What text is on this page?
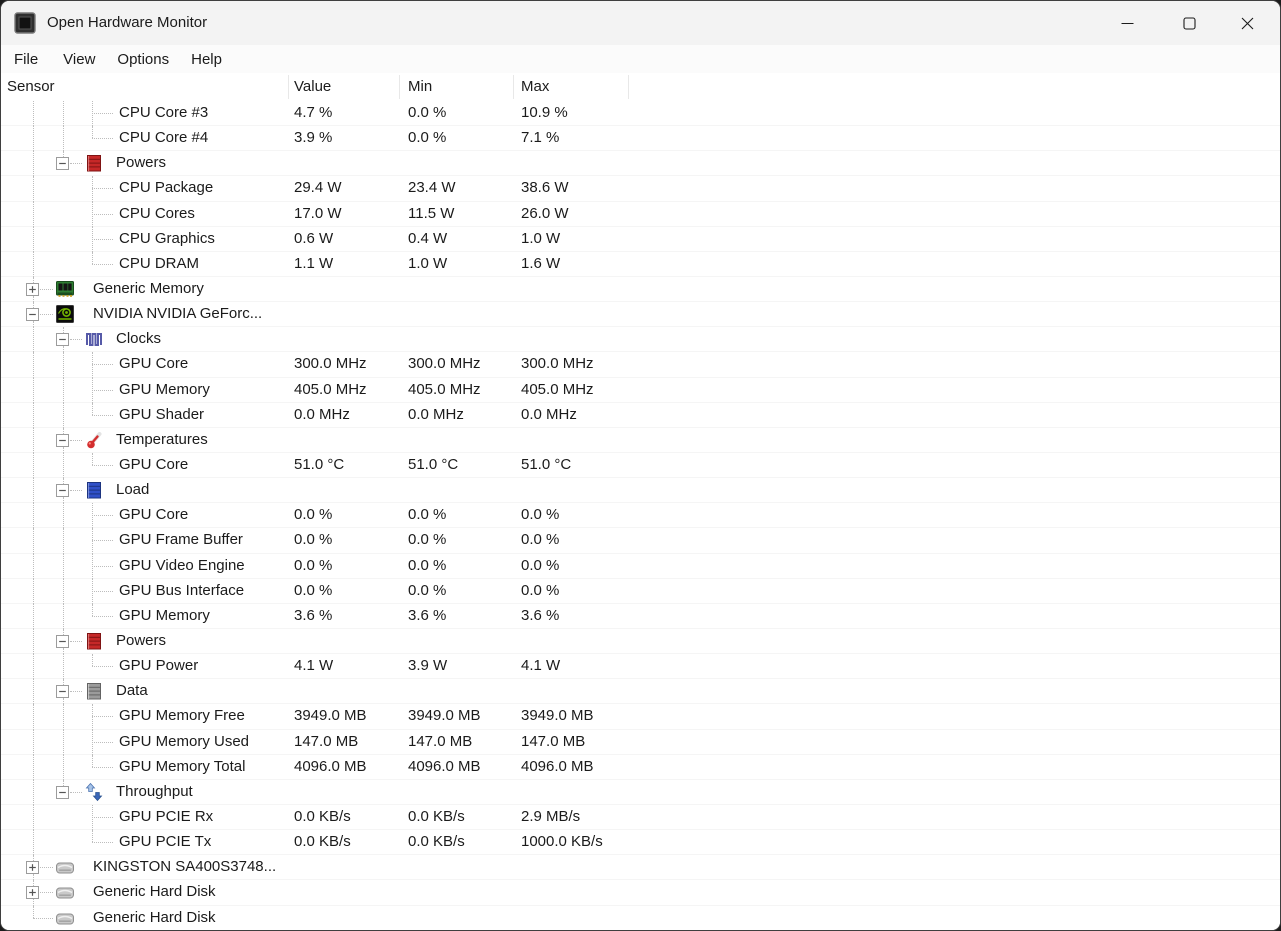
Open Hardware Monitor
File	View	Options	Help
Sensor	Value	Min	Max
CPU Core #3	4.7 %	0.0 %	10.9 %
CPU Core #4	3.9 %	0.0 %	7.1 %
Powers
CPU Package	29.4 W	23.4 W	38.6 W
CPU Cores	17.0 W	11.5 W	26.0 W
CPU Graphics	0.6 W	0.4 W	1.0 W
CPU DRAM	1.1 W	1.0 W	1.6 W
Generic Memory
NVIDIA NVIDIA GeForc...
Clocks
GPU Core	300.0 MHz	300.0 MHz	300.0 MHz
GPU Memory	405.0 MHz	405.0 MHz	405.0 MHz
GPU Shader	0.0 MHz	0.0 MHz	0.0 MHz
Temperatures
GPU Core	51.0 °C	51.0 °C	51.0 °C
Load
GPU Core	0.0 %	0.0 %	0.0 %
GPU Frame Buffer	0.0 %	0.0 %	0.0 %
GPU Video Engine	0.0 %	0.0 %	0.0 %
GPU Bus Interface	0.0 %	0.0 %	0.0 %
GPU Memory	3.6 %	3.6 %	3.6 %
Powers
GPU Power	4.1 W	3.9 W	4.1 W
Data
GPU Memory Free	3949.0 MB	3949.0 MB	3949.0 MB
GPU Memory Used	147.0 MB	147.0 MB	147.0 MB
GPU Memory Total	4096.0 MB	4096.0 MB	4096.0 MB
Throughput
GPU PCIE Rx	0.0 KB/s	0.0 KB/s	2.9 MB/s
GPU PCIE Tx	0.0 KB/s	0.0 KB/s	1000.0 KB/s
KINGSTON SA400S3748...
Generic Hard Disk
Generic Hard Disk
